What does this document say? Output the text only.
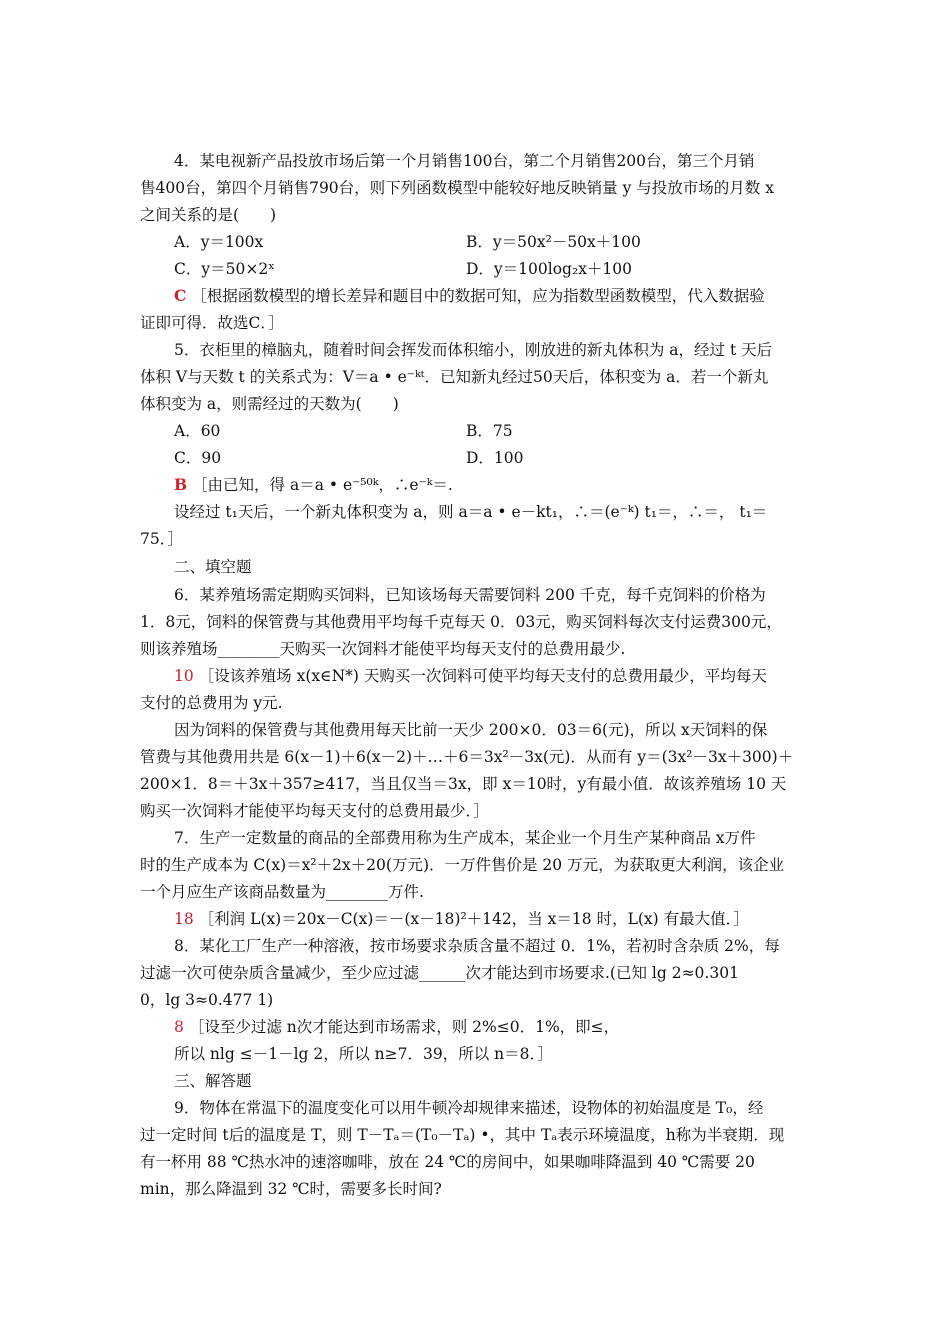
4．某电视新产品投放市场后第一个月销售100台，第二个月销售200台，第三个月销
售400台，第四个月销售790台，则下列函数模型中能较好地反映销量 y 与投放市场的月数 x
之间关系的是(　　)
A．y＝100x	B．y＝50x²－50x＋100
C．y＝50×2ˣ	D．y＝100log₂x＋100
C ［根据函数模型的增长差异和题目中的数据可知，应为指数型函数模型，代入数据验
证即可得．故选C．］
5．衣柜里的樟脑丸，随着时间会挥发而体积缩小，刚放进的新丸体积为 a，经过 t 天后
体积 V与天数 t 的关系式为：V＝a • e⁻ᵏᵗ．已知新丸经过50天后，体积变为 a．若一个新丸
体积变为 a，则需经过的天数为(　　)
A．60	B．75
C．90	D．100
B ［由已知，得 a＝a • e⁻⁵⁰ᵏ，∴e⁻ᵏ＝.
设经过 t₁天后，一个新丸体积变为 a，则 a＝a • e－kt₁，∴＝(e⁻ᵏ) t₁＝，∴＝， t₁＝
75．］
二、填空题
6．某养殖场需定期购买饲料，已知该场每天需要饲料 200 千克，每千克饲料的价格为
1．8元，饲料的保管费与其他费用平均每千克每天 0．03元，购买饲料每次支付运费300元，
则该养殖场________天购买一次饲料才能使平均每天支付的总费用最少.
10 ［设该养殖场 x(x∈N*) 天购买一次饲料可使平均每天支付的总费用最少，平均每天
支付的总费用为 y元.
因为饲料的保管费与其他费用每天比前一天少 200×0．03＝6(元)，所以 x天饲料的保
管费与其他费用共是 6(x－1)＋6(x－2)＋…＋6＝3x²－3x(元)．从而有 y＝(3x²－3x＋300)＋
200×1．8＝＋3x＋357≥417，当且仅当＝3x，即 x＝10时，y有最小值．故该养殖场 10 天
购买一次饲料才能使平均每天支付的总费用最少．］
7．生产一定数量的商品的全部费用称为生产成本，某企业一个月生产某种商品 x万件
时的生产成本为 C(x)＝x²＋2x＋20(万元)．一万件售价是 20 万元，为获取更大利润，该企业
一个月应生产该商品数量为________万件.
18 ［利润 L(x)＝20x－C(x)＝－(x－18)²＋142，当 x＝18 时，L(x) 有最大值．］
8．某化工厂生产一种溶液，按市场要求杂质含量不超过 0．1%，若初时含杂质 2%，每
过滤一次可使杂质含量减少，至少应过滤______次才能达到市场要求.(已知 lg 2≈0.301
0，lg 3≈0.477 1)
8 ［设至少过滤 n次才能达到市场需求，则 2%≤0．1%，即≤，
所以 nlg ≤－1－lg 2，所以 n≥7．39，所以 n＝8．］
三、解答题
9．物体在常温下的温度变化可以用牛顿冷却规律来描述，设物体的初始温度是 T₀，经
过一定时间 t后的温度是 T，则 T－Tₐ＝(T₀－Tₐ) •，其中 Tₐ表示环境温度，h称为半衰期．现
有一杯用 88 ℃热水冲的速溶咖啡，放在 24 ℃的房间中，如果咖啡降温到 40 ℃需要 20
min，那么降温到 32 ℃时，需要多长时间?
